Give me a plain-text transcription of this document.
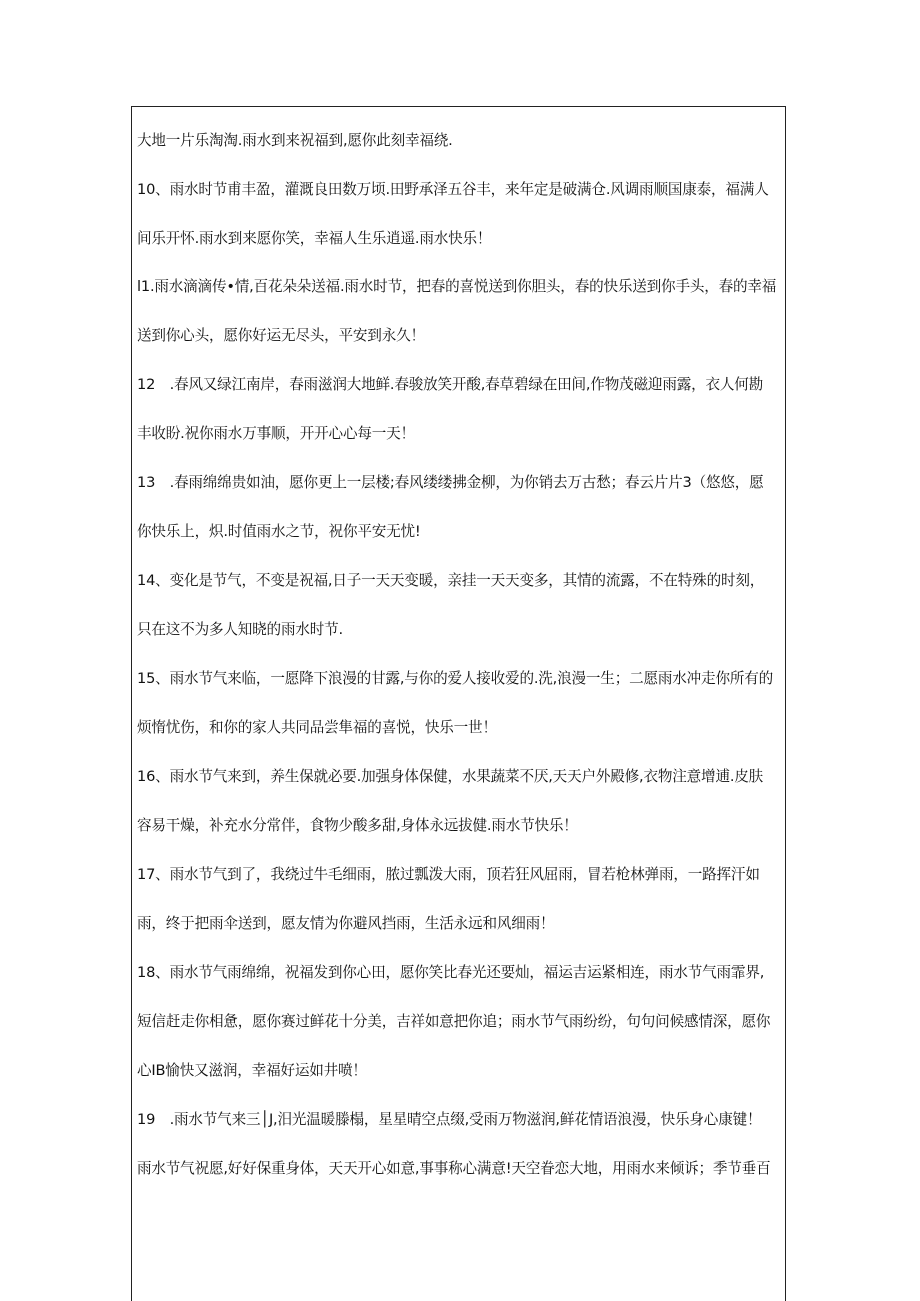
大地一片乐淘淘.雨水到来祝福到,愿你此刻幸福绕.
10、雨水时节甫丰盈，灌溉良田数万顷.田野承泽五谷丰，来年定是破满仓.风调雨顺国康泰，福满人
间乐开怀.雨水到来愿你笑，幸福人生乐逍遥.雨水快乐！
l1.雨水滴滴传•情,百花朵朵送福.雨水时节，把春的喜悦送到你胆头，春的快乐送到你手头，春的幸福
送到你心头，愿你好运无尽头，平安到永久！
12　.春风又绿江南岸，春雨滋润大地鲜.春骏放笑开酸,春草碧绿在田间,作物茂磁迎雨露，衣人何勘
丰收盼.祝你雨水万事顺，开开心心每一天！
13　.春雨绵绵贵如油，愿你更上一层楼;春风缕缕拂金柳，为你销去万古愁；春云片片3（悠悠，愿
你快乐上，炽.时值雨水之节，祝你平安无忧!
14、变化是节气，不变是祝福,日子一天天变暖，亲挂一天天变多，其情的流露，不在特殊的时刻，
只在这不为多人知晓的雨水时节.
15、雨水节气来临，一愿降下浪漫的甘露,与你的爱人接收爱的.洗,浪漫一生；二愿雨水冲走你所有的
烦惰忧伤，和你的家人共同品尝隼福的喜悦，快乐一世！
16、雨水节气来到，养生保就必要.加强身体保健，水果蔬菜不厌,天天户外殿修,衣物注意增逋.皮肤
容易干燥，补充水分常伴，食物少酸多甜,身体永远拔健.雨水节快乐！
17、雨水节气到了，我绕过牛毛细雨，脓过瓢泼大雨，顶若狂风屈雨，冒若枪林弹雨，一路挥汗如
雨，终于把雨伞送到，愿友情为你避风挡雨，生活永远和风细雨！
18、雨水节气雨绵绵，祝福发到你心田，愿你笑比春光还要灿，福运吉运紧相连，雨水节气雨霏界,
短信赶走你相惫，愿你赛过鲜花十分美，吉祥如意把你追；雨水节气雨纷纷，句句问候感情深，愿你
心IB愉快又滋润，幸福好运如井喷！
19　.雨水节气来三│J,汨光温暖滕榻，星星晴空点缀,受雨万物滋润,鲜花情语浪漫，快乐身心康键！
雨水节气祝愿,好好保重身体，天天开心如意,事事称心满意!天空眷恋大地，用雨水来倾诉；季节垂百
